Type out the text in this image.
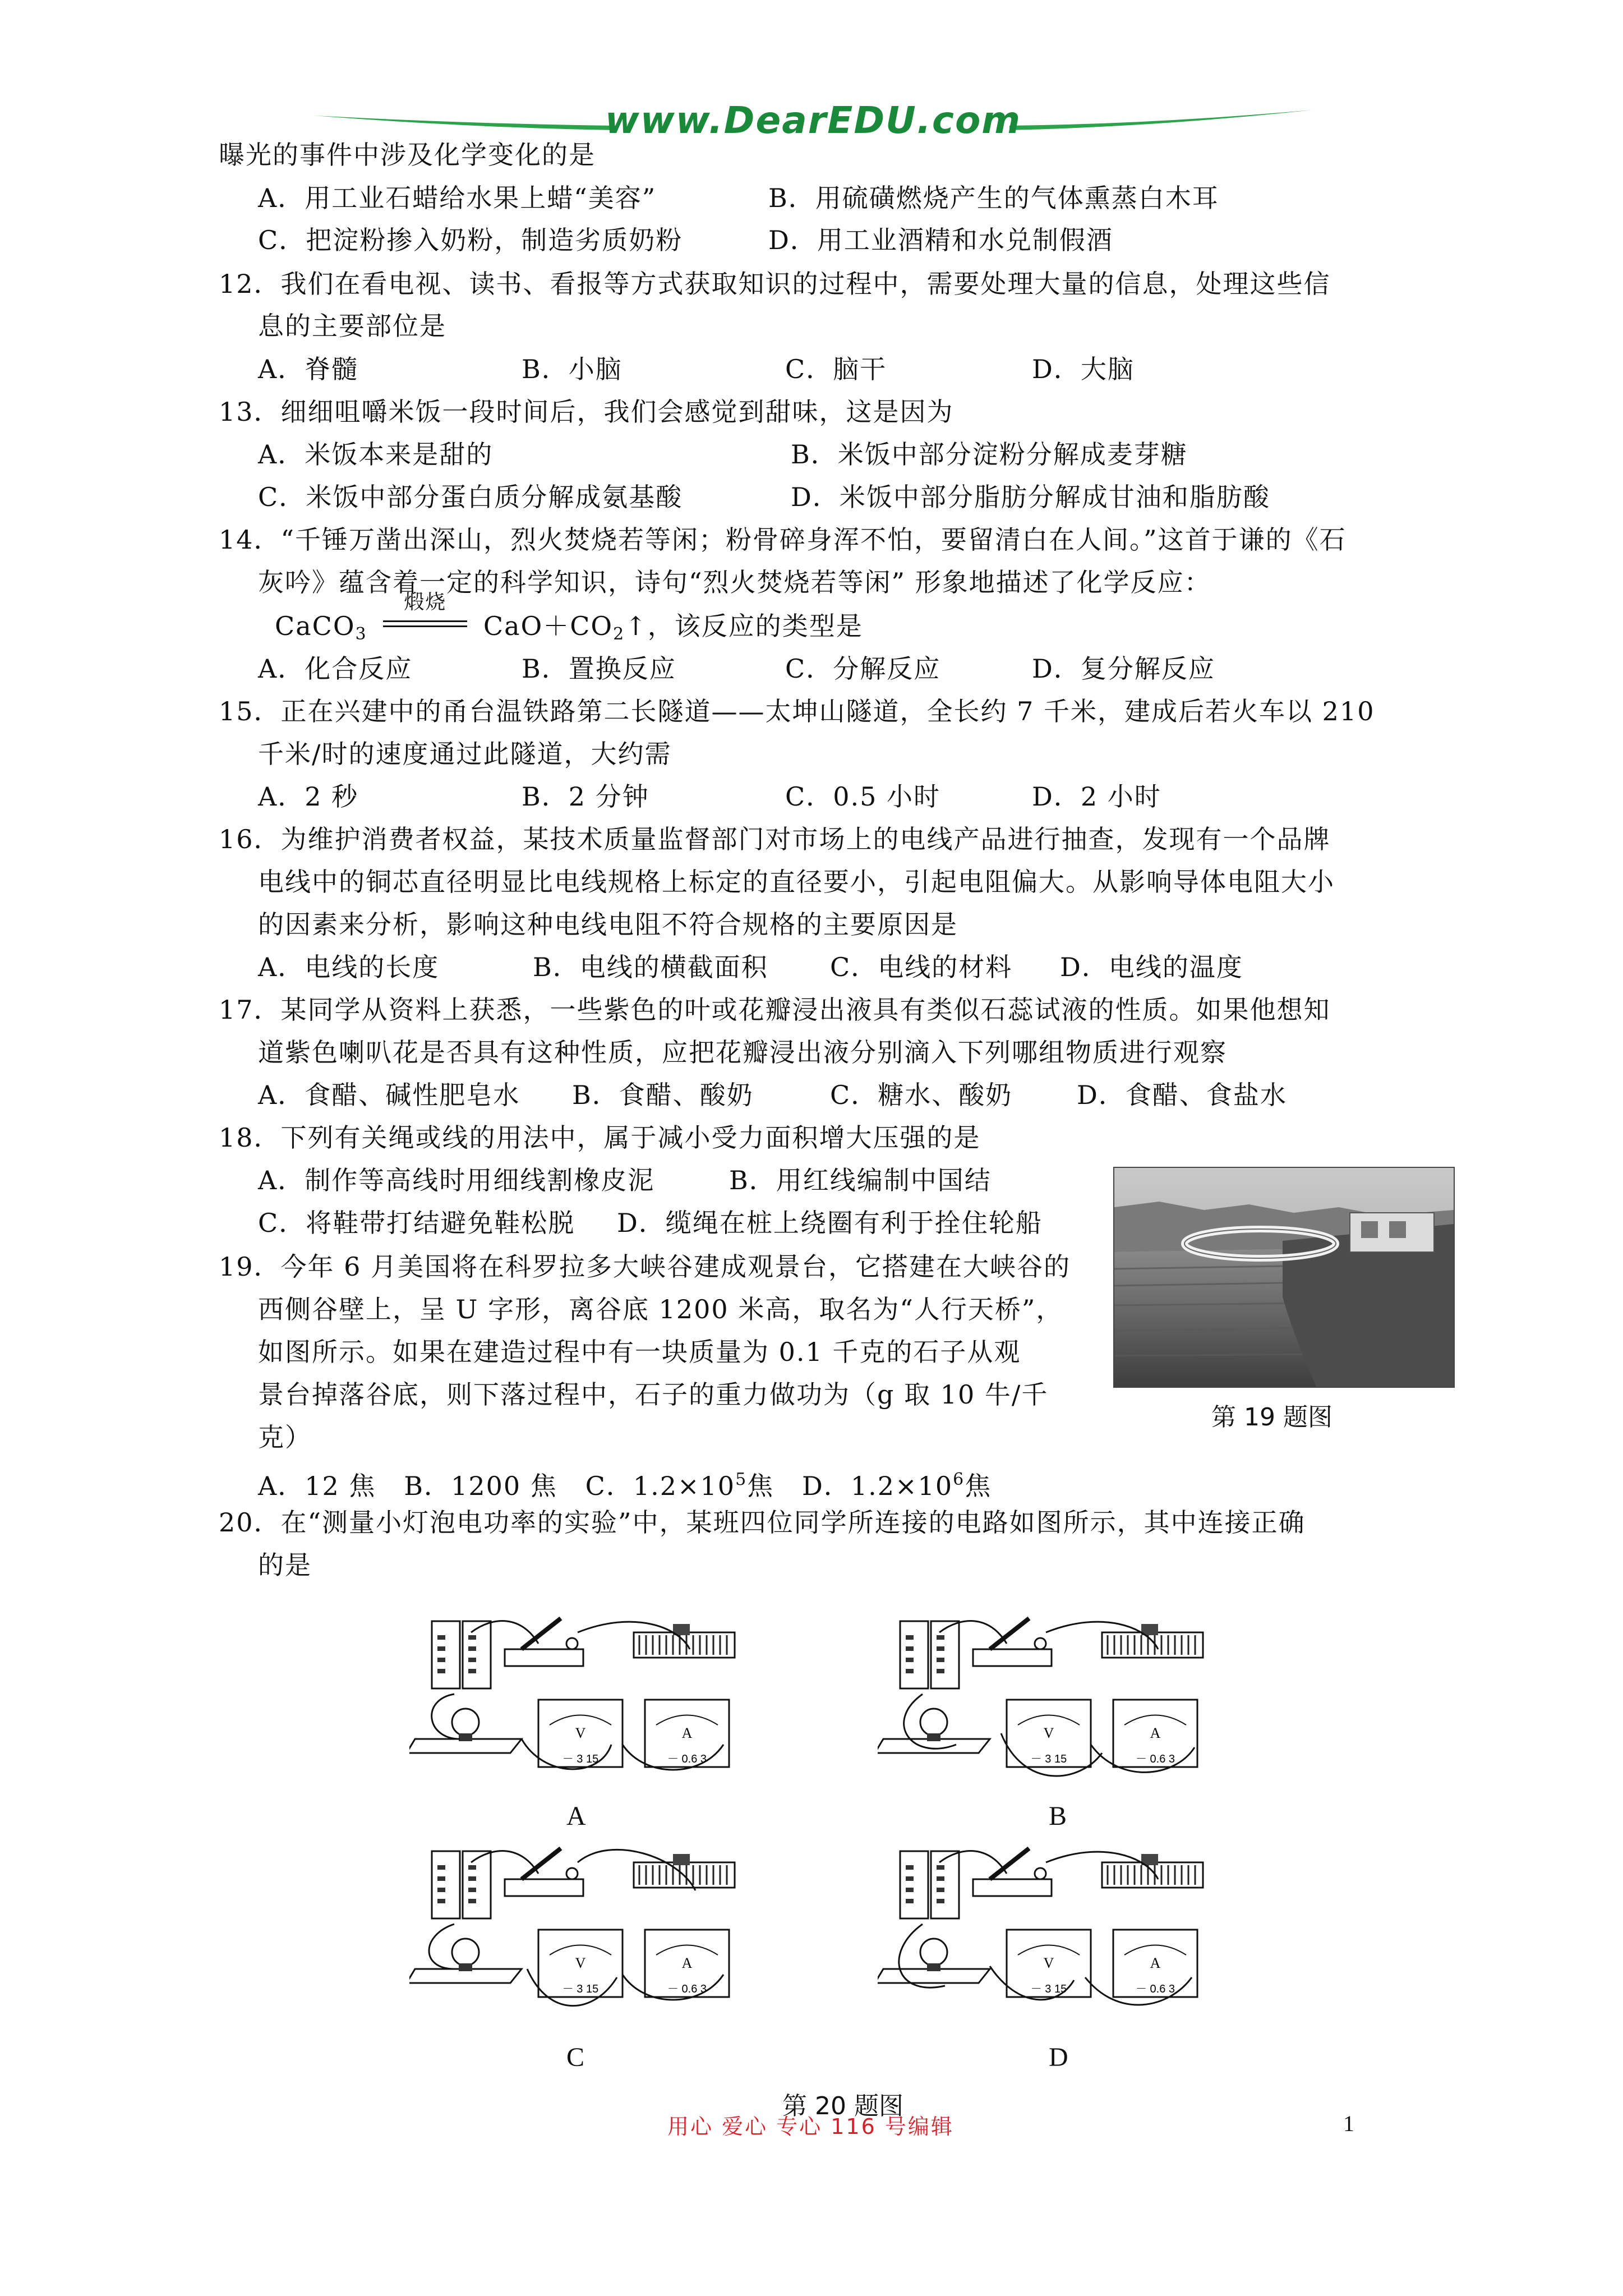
www.DearEDU.com
曝光的事件中涉及化学变化的是
A．用工业石蜡给水果上蜡“美容”	B．用硫磺燃烧产生的气体熏蒸白木耳
C．把淀粉掺入奶粉，制造劣质奶粉	D．用工业酒精和水兑制假酒
12．我们在看电视、读书、看报等方式获取知识的过程中，需要处理大量的信息，处理这些信
息的主要部位是
A．脊髓	B．小脑	C．脑干	D．大脑
13．细细咀嚼米饭一段时间后，我们会感觉到甜味，这是因为
A．米饭本来是甜的	B．米饭中部分淀粉分解成麦芽糖
C．米饭中部分蛋白质分解成氨基酸	D．米饭中部分脂肪分解成甘油和脂肪酸
14．“千锤万凿出深山，烈火焚烧若等闲；粉骨碎身浑不怕，要留清白在人间。”这首于谦的《石
灰吟》蕴含着一定的科学知识，诗句“烈火焚烧若等闲” 形象地描述了化学反应：
CaCO$_3$
煅烧
$CaO+CO_2↑$，该反应的类型是
A．化合反应	B．置换反应	C．分解反应	D．复分解反应
15．正在兴建中的甬台温铁路第二长隧道——太坤山隧道，全长约 7 千米，建成后若火车以 210
千米/时的速度通过此隧道，大约需
A．2 秒	B．2 分钟	C．0.5 小时	D．2 小时
16．为维护消费者权益，某技术质量监督部门对市场上的电线产品进行抽查，发现有一个品牌
电线中的铜芯直径明显比电线规格上标定的直径要小，引起电阻偏大。从影响导体电阻大小
的因素来分析，影响这种电线电阻不符合规格的主要原因是
A．电线的长度	B．电线的横截面积 C．电线的材料 D．电线的温度
17．某同学从资料上获悉，一些紫色的叶或花瓣浸出液具有类似石蕊试液的性质。如果他想知
道紫色喇叭花是否具有这种性质，应把花瓣浸出液分别滴入下列哪组物质进行观察
A．食醋、碱性肥皂水 B．食醋、酸奶	C．糖水、酸奶 D．食醋、食盐水
18．下列有关绳或线的用法中，属于减小受力面积增大压强的是
A．制作等高线时用细线割橡皮泥	B．用红线编制中国结
C．将鞋带打结避免鞋松脱 D．缆绳在桩上绕圈有利于拴住轮船
19．今年 6 月美国将在科罗拉多大峡谷建成观景台，它搭建在大峡谷的
西侧谷壁上，呈 U 字形，离谷底 1200 米高，取名为“人行天桥”，
如图所示。如果在建造过程中有一块质量为 0.1 千克的石子从观
景台掉落谷底，则下落过程中，石子的重力做功为（g 取 10 牛/千
克）
A．12 焦 B．1200 焦 C．$1.2\times 10^5$焦 D．$1.2\times 10^6$焦
第 19 题图
20．在“测量小灯泡电功率的实验”中，某班四位同学所连接的电路如图所示，其中连接正确
的是
V
－ 3 15
A
－ 0.6 3
A
V
－ 3 15
A
－ 0.6 3
B
V
－ 3 15
A
－ 0.6 3
C
V
－ 3 15
A
－ 0.6 3
D
第 20 题图
用心 爱心 专心 116 号编辑	1
